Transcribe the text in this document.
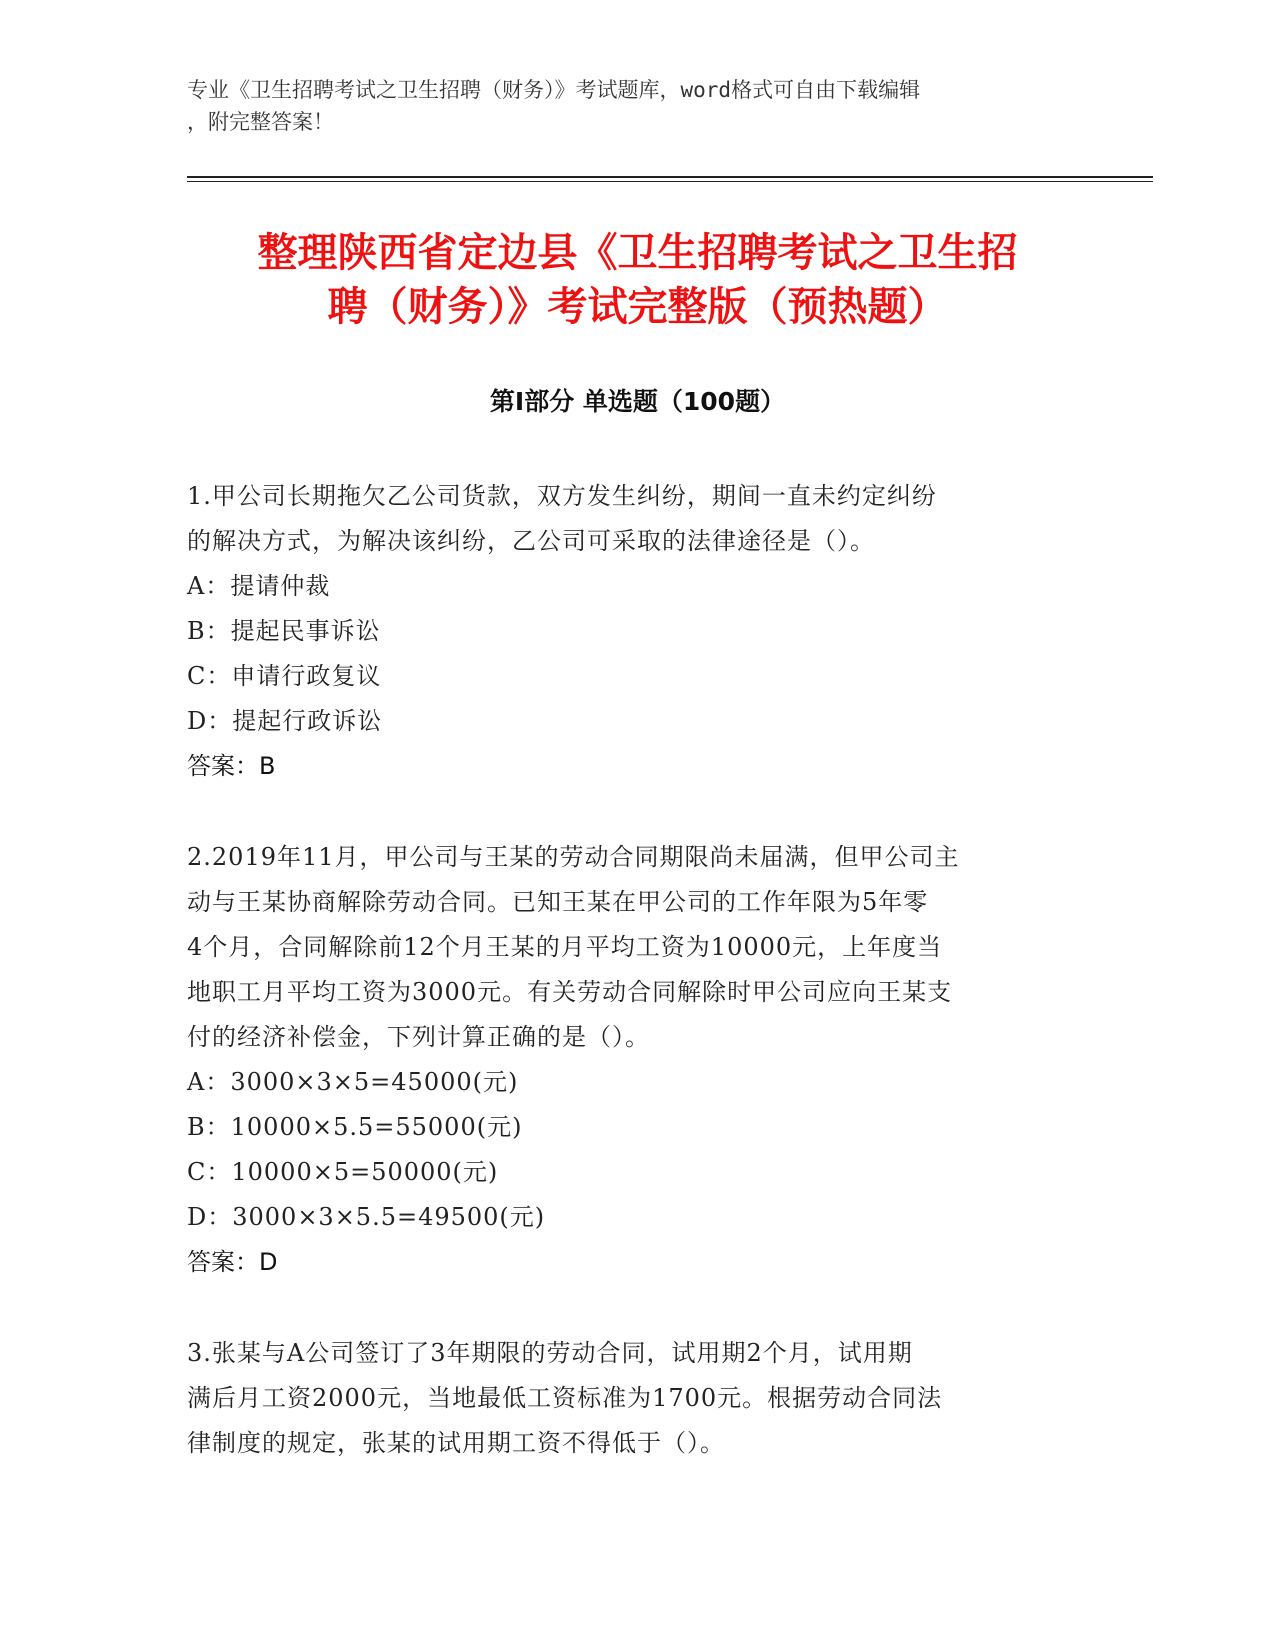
专业《卫生招聘考试之卫生招聘（财务）》考试题库，word格式可自由下载编辑
，附完整答案！
整理陕西省定边县《卫生招聘考试之卫生招
聘（财务）》考试完整版（预热题）
第Ⅰ部分 单选题（100题）

1.甲公司长期拖欠乙公司货款，双方发生纠纷，期间一直未约定纠纷

的解决方式，为解决该纠纷，乙公司可采取的法律途径是（）。

A：提请仲裁

B：提起民事诉讼

C：申请行政复议

D：提起行政诉讼

答案：B

2.2019年11月，甲公司与王某的劳动合同期限尚未届满，但甲公司主

动与王某协商解除劳动合同。已知王某在甲公司的工作年限为5年零

4个月，合同解除前12个月王某的月平均工资为10000元，上年度当

地职工月平均工资为3000元。有关劳动合同解除时甲公司应向王某支

付的经济补偿金，下列计算正确的是（）。

A：3000×3×5=45000(元)

B：10000×5.5=55000(元)

C：10000×5=50000(元)

D：3000×3×5.5=49500(元)

答案：D

3.张某与A公司签订了3年期限的劳动合同，试用期2个月，试用期

满后月工资2000元，当地最低工资标准为1700元。根据劳动合同法

律制度的规定，张某的试用期工资不得低于（）。
